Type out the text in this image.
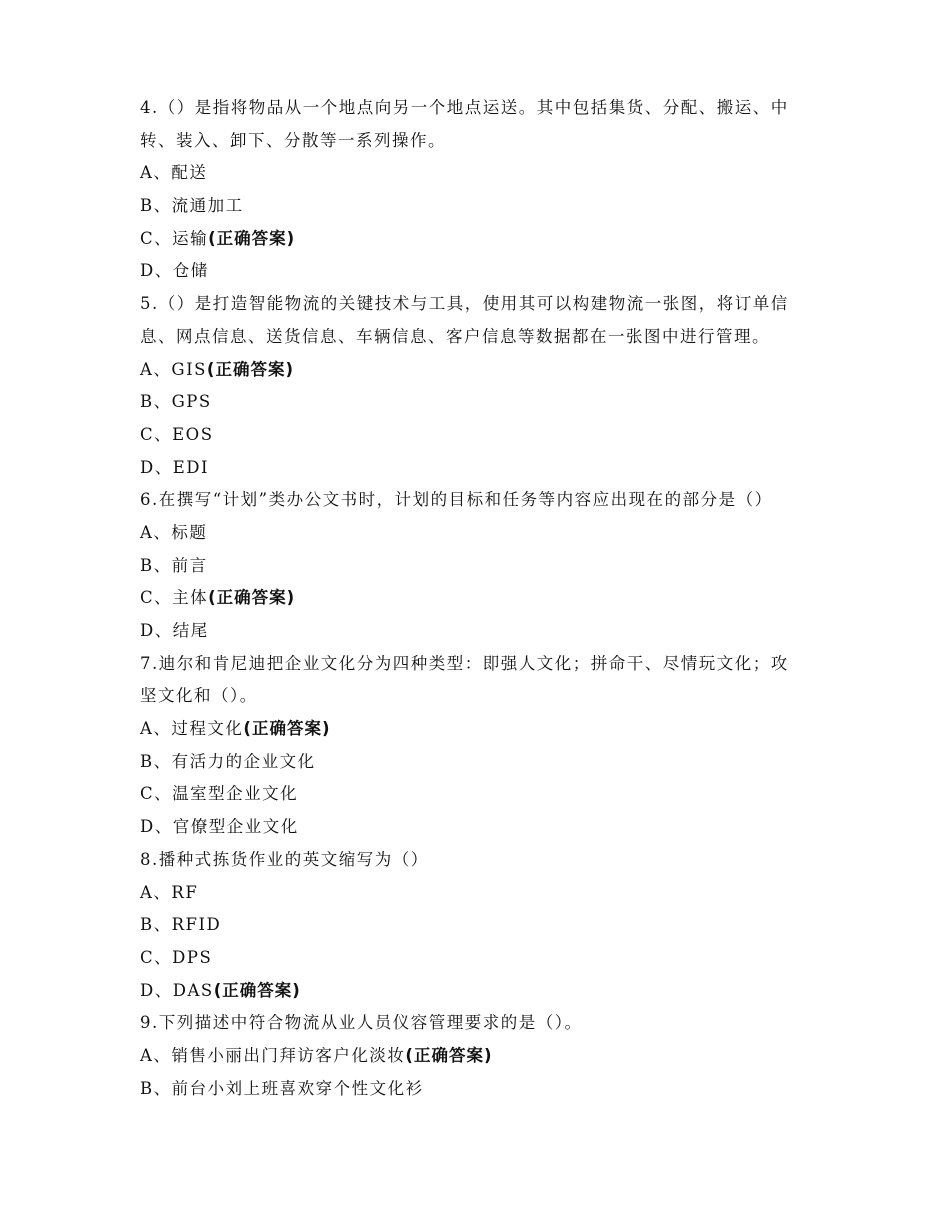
4.（）是指将物品从一个地点向另一个地点运送。其中包括集货、分配、搬运、中
转、装入、卸下、分散等一系列操作。
A、配送
B、流通加工
C、运输(正确答案)
D、仓储
5.（）是打造智能物流的关键技术与工具，使用其可以构建物流一张图，将订单信
息、网点信息、送货信息、车辆信息、客户信息等数据都在一张图中进行管理。
A、GIS(正确答案)
B、GPS
C、EOS
D、EDI
6.在撰写“计划”类办公文书时，计划的目标和任务等内容应出现在的部分是（）
A、标题
B、前言
C、主体(正确答案)
D、结尾
7.迪尔和肯尼迪把企业文化分为四种类型：即强人文化；拼命干、尽情玩文化；攻
坚文化和（）。
A、过程文化(正确答案)
B、有活力的企业文化
C、温室型企业文化
D、官僚型企业文化
8.播种式拣货作业的英文缩写为（）
A、RF
B、RFID
C、DPS
D、DAS(正确答案)
9.下列描述中符合物流从业人员仪容管理要求的是（）。
A、销售小丽出门拜访客户化淡妆(正确答案)
B、前台小刘上班喜欢穿个性文化衫
